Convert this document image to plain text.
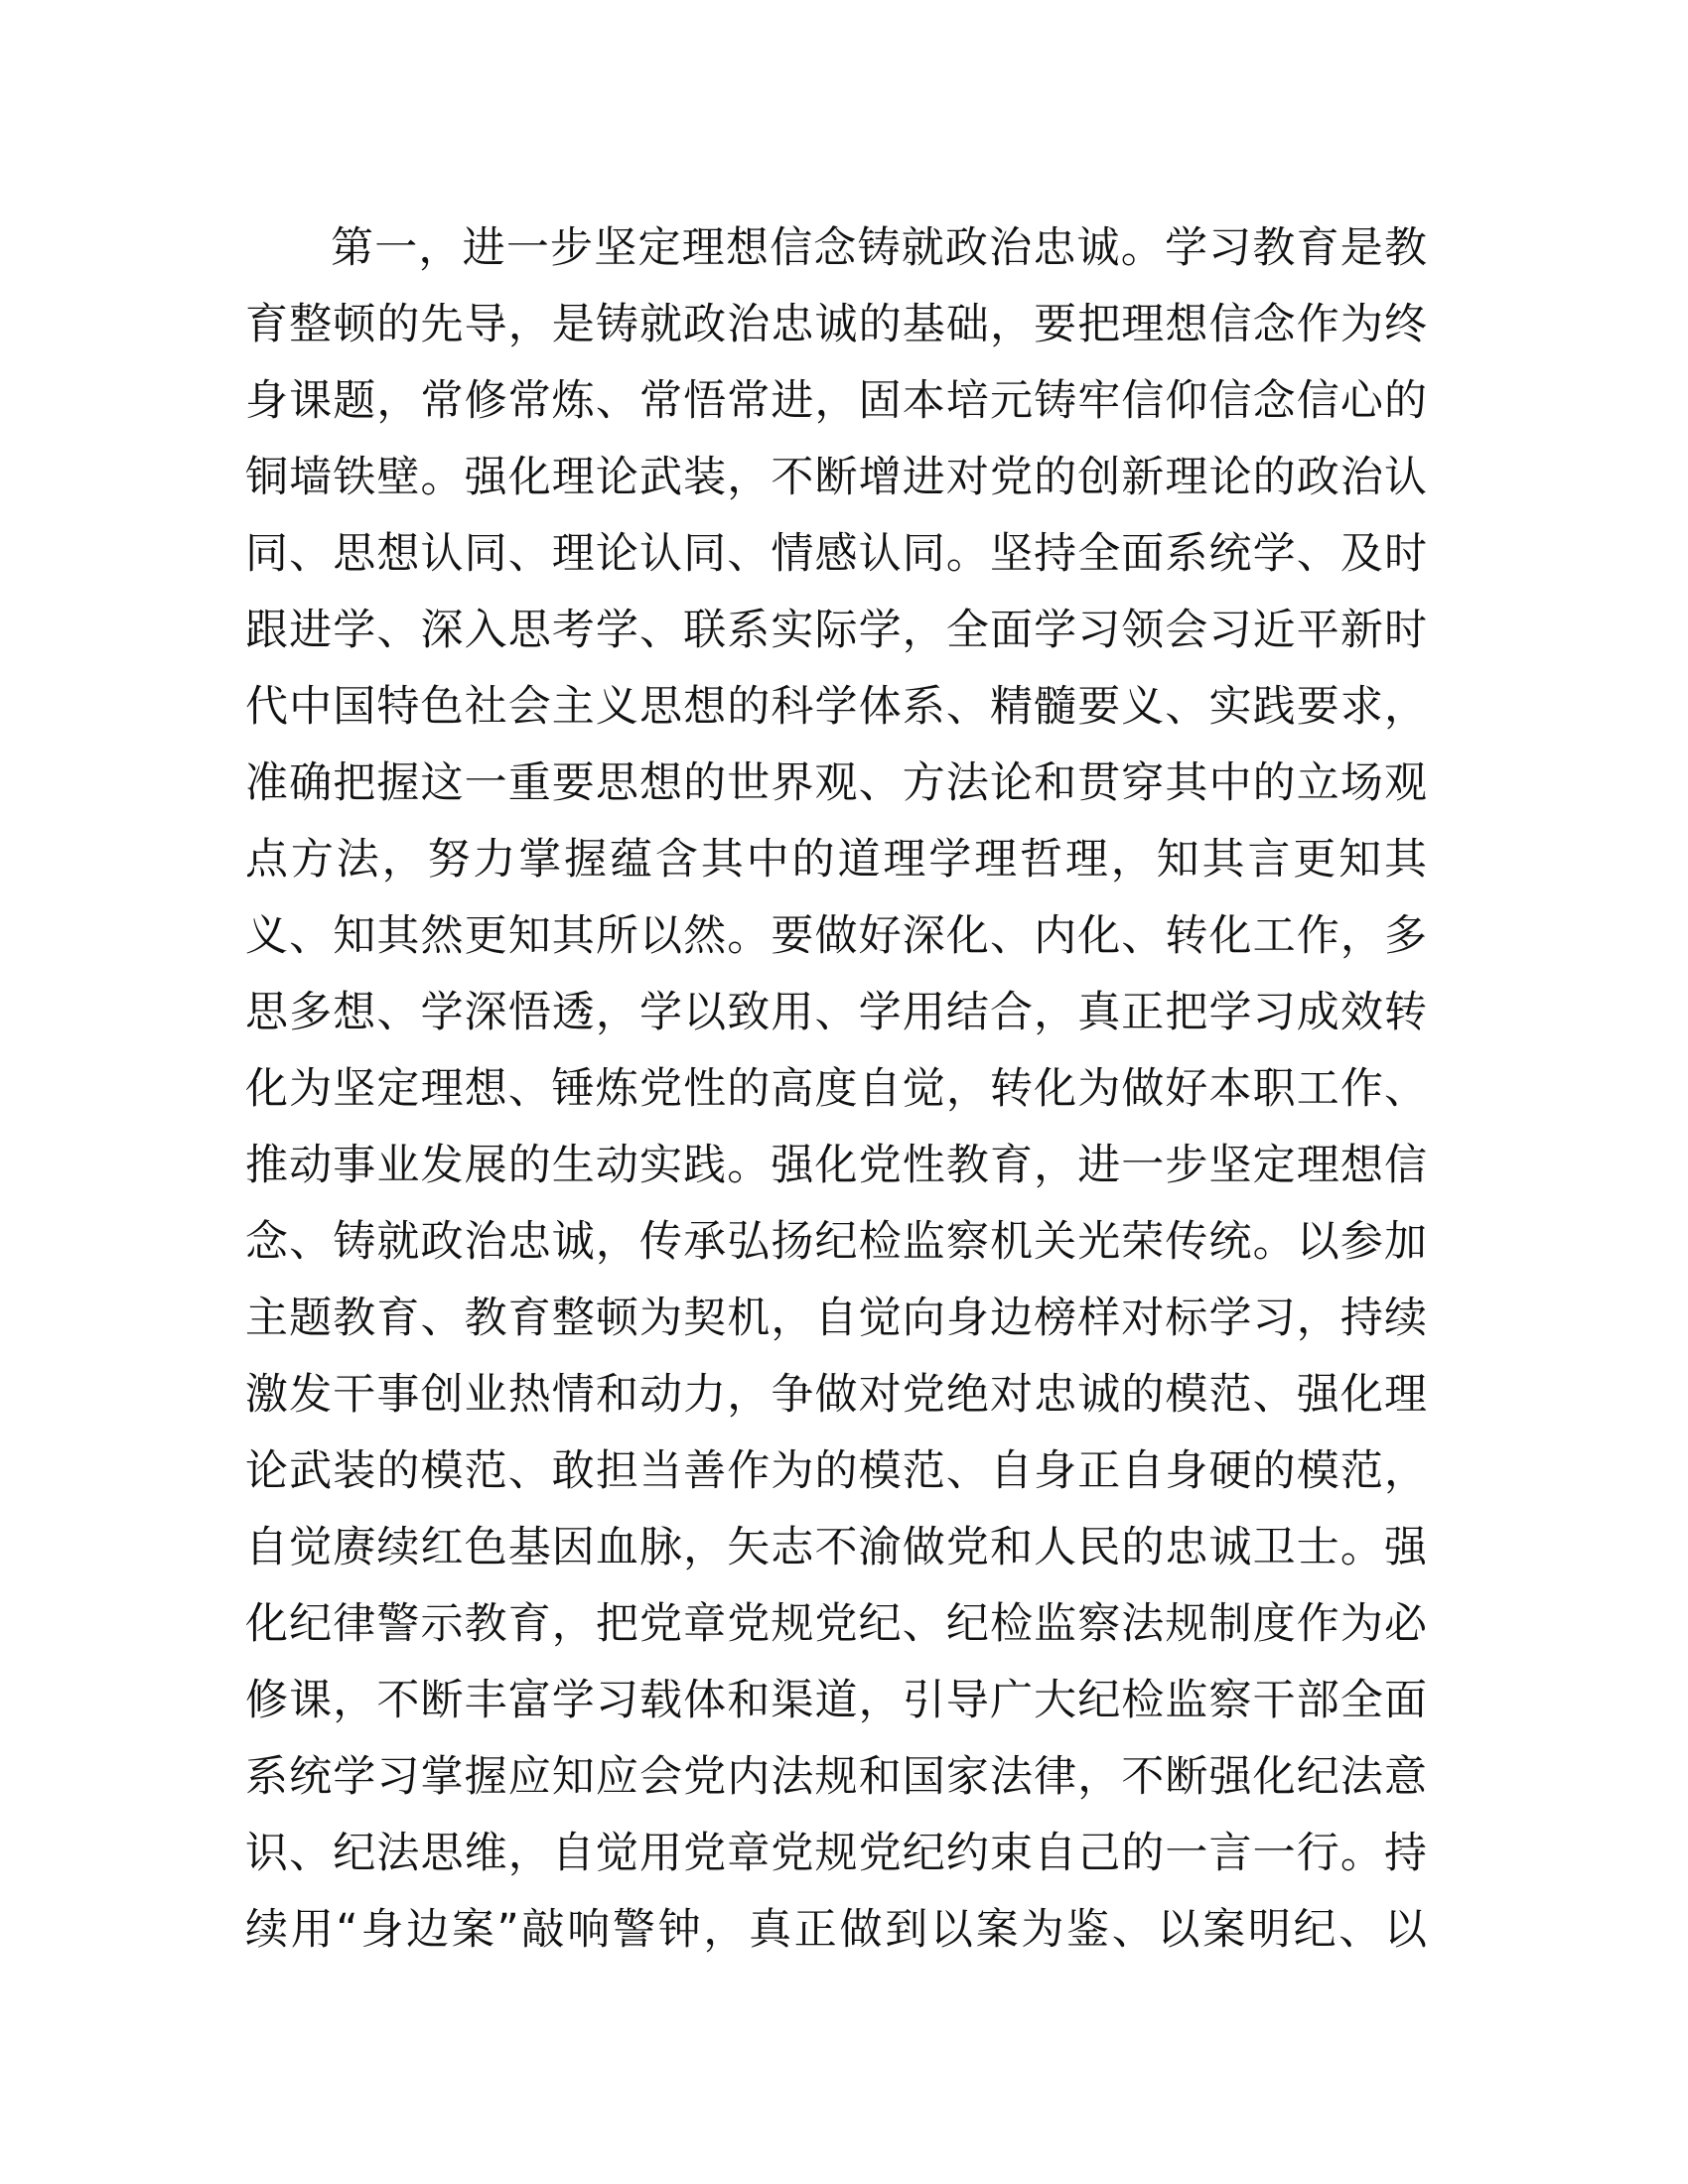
第一，进一步坚定理想信念铸就政治忠诚。学习教育是教
育整顿的先导，是铸就政治忠诚的基础，要把理想信念作为终
身课题，常修常炼、常悟常进，固本培元铸牢信仰信念信心的
铜墙铁壁。强化理论武装，不断增进对党的创新理论的政治认
同、思想认同、理论认同、情感认同。坚持全面系统学、及时
跟进学、深入思考学、联系实际学，全面学习领会习近平新时
代中国特色社会主义思想的科学体系、精髓要义、实践要求，
准确把握这一重要思想的世界观、方法论和贯穿其中的立场观
点方法，努力掌握蕴含其中的道理学理哲理，知其言更知其
义、知其然更知其所以然。要做好深化、内化、转化工作，多
思多想、学深悟透，学以致用、学用结合，真正把学习成效转
化为坚定理想、锤炼党性的高度自觉，转化为做好本职工作、
推动事业发展的生动实践。强化党性教育，进一步坚定理想信
念、铸就政治忠诚，传承弘扬纪检监察机关光荣传统。以参加
主题教育、教育整顿为契机，自觉向身边榜样对标学习，持续
激发干事创业热情和动力，争做对党绝对忠诚的模范、强化理
论武装的模范、敢担当善作为的模范、自身正自身硬的模范，
自觉赓续红色基因血脉，矢志不渝做党和人民的忠诚卫士。强
化纪律警示教育，把党章党规党纪、纪检监察法规制度作为必
修课，不断丰富学习载体和渠道，引导广大纪检监察干部全面
系统学习掌握应知应会党内法规和国家法律，不断强化纪法意
识、纪法思维，自觉用党章党规党纪约束自己的一言一行。持
续用“身边案”敲响警钟，真正做到以案为鉴、以案明纪、以
